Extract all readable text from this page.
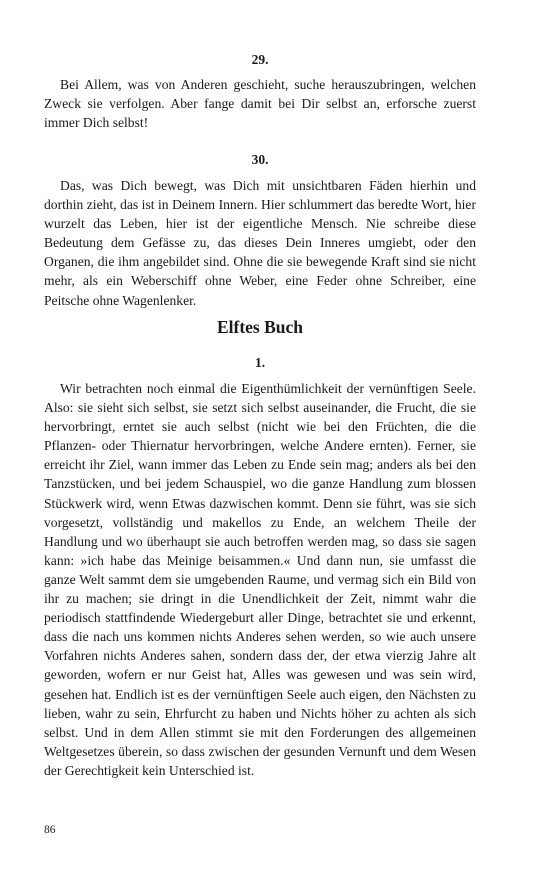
29.

Bei Allem, was von Anderen geschieht, suche herauszubringen, welchen Zweck sie verfolgen. Aber fange damit bei Dir selbst an, erforsche zuerst immer Dich selbst!

30.

Das, was Dich bewegt, was Dich mit unsichtbaren Fäden hierhin und dorthin zieht, das ist in Deinem Innern. Hier schlummert das beredte Wort, hier wurzelt das Leben, hier ist der eigentliche Mensch. Nie schreibe diese Bedeutung dem Gefässe zu, das dieses Dein Inneres umgiebt, oder den Organen, die ihm angebildet sind. Ohne die sie bewegende Kraft sind sie nicht mehr, als ein Weberschiff ohne Weber, eine Feder ohne Schreiber, eine Peitsche ohne Wagenlenker.

Elftes Buch

1.

Wir betrachten noch einmal die Eigenthümlichkeit der vernünftigen Seele. Also: sie sieht sich selbst, sie setzt sich selbst auseinander, die Frucht, die sie hervorbringt, erntet sie auch selbst (nicht wie bei den Früchten, die die Pflanzen- oder Thiernatur hervorbringen, welche Andere ernten). Ferner, sie erreicht ihr Ziel, wann immer das Leben zu Ende sein mag; anders als bei den Tanzstücken, und bei jedem Schauspiel, wo die ganze Handlung zum blossen Stückwerk wird, wenn Etwas dazwischen kommt. Denn sie führt, was sie sich vorgesetzt, vollständig und makellos zu Ende, an welchem Theile der Handlung und wo überhaupt sie auch betroffen werden mag, so dass sie sagen kann: »ich habe das Meinige beisammen.« Und dann nun, sie umfasst die ganze Welt sammt dem sie umgebenden Raume, und vermag sich ein Bild von ihr zu machen; sie dringt in die Unendlichkeit der Zeit, nimmt wahr die periodisch stattfindende Wiedergeburt aller Dinge, betrachtet sie und erkennt, dass die nach uns kommen nichts Anderes sehen werden, so wie auch unsere Vorfahren nichts Anderes sahen, sondern dass der, der etwa vierzig Jahre alt geworden, wofern er nur Geist hat, Alles was gewesen und was sein wird, gesehen hat. Endlich ist es der vernünftigen Seele auch eigen, den Nächsten zu lieben, wahr zu sein, Ehrfurcht zu haben und Nichts höher zu achten als sich selbst. Und in dem Allen stimmt sie mit den Forderungen des allgemeinen Weltgesetzes überein, so dass zwischen der gesunden Vernunft und dem Wesen der Gerechtigkeit kein Unterschied ist.

86
